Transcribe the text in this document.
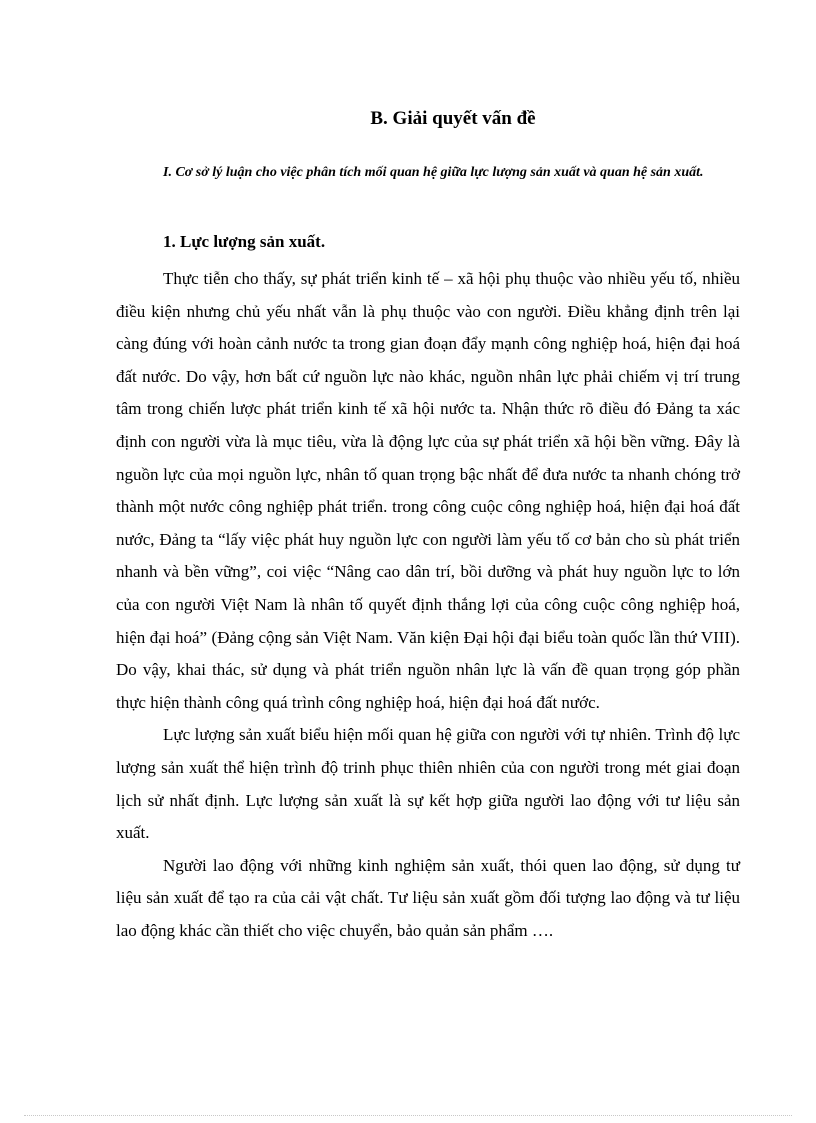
B. Giải quyết vấn đề

I. Cơ sở lý luận cho việc phân tích mối quan hệ giữa lực lượng sản xuất và quan hệ sản xuất.

1. Lực lượng sản xuất.

Thực tiễn cho thấy, sự phát triển kinh tế – xã hội phụ thuộc vào nhiều yếu tố, nhiều điều kiện nhưng chủ yếu nhất vẫn là phụ thuộc vào con người. Điều khẳng định trên lại càng đúng với hoàn cảnh nước ta trong gian đoạn đẩy mạnh công nghiệp hoá, hiện đại hoá đất nước. Do vậy, hơn bất cứ nguồn lực nào khác, nguồn nhân lực phải chiếm vị trí trung tâm trong chiến lược phát triển kinh tế xã hội nước ta. Nhận thức rõ điều đó Đảng ta xác định con người vừa là mục tiêu, vừa là động lực của sự phát triển xã hội bền vững. Đây là nguồn lực của mọi nguồn lực, nhân tố quan trọng bậc nhất để đưa nước ta nhanh chóng trở thành một nước công nghiệp phát triển. trong công cuộc công nghiệp hoá, hiện đại hoá đất nước, Đảng ta “lấy việc phát huy nguồn lực con người làm yếu tố cơ bản cho sù phát triển nhanh và bền vững”, coi việc “Nâng cao dân trí, bồi dưỡng và phát huy nguồn lực to lớn của con người Việt Nam là nhân tố quyết định thắng lợi của công cuộc công nghiệp hoá, hiện đại hoá” (Đảng cộng sản Việt Nam. Văn kiện Đại hội đại biểu toàn quốc lần thứ VIII). Do vậy, khai thác, sử dụng và phát triển nguồn nhân lực là vấn đề quan trọng góp phần thực hiện thành công quá trình công nghiệp hoá, hiện đại hoá đất nước.

Lực lượng sản xuất biểu hiện mối quan hệ giữa con người với tự nhiên. Trình độ lực lượng sản xuất thể hiện trình độ trinh phục thiên nhiên của con người trong mét giai đoạn lịch sử nhất định. Lực lượng sản xuất là sự kết hợp giữa người lao động với tư liệu sản xuất.

Người lao động với những kinh nghiệm sản xuất, thói quen lao động, sử dụng tư liệu sản xuất để tạo ra của cải vật chất. Tư liệu sản xuất gồm đối tượng lao động và tư liệu lao động khác cần thiết cho việc chuyển, bảo quản sản phẩm ….
